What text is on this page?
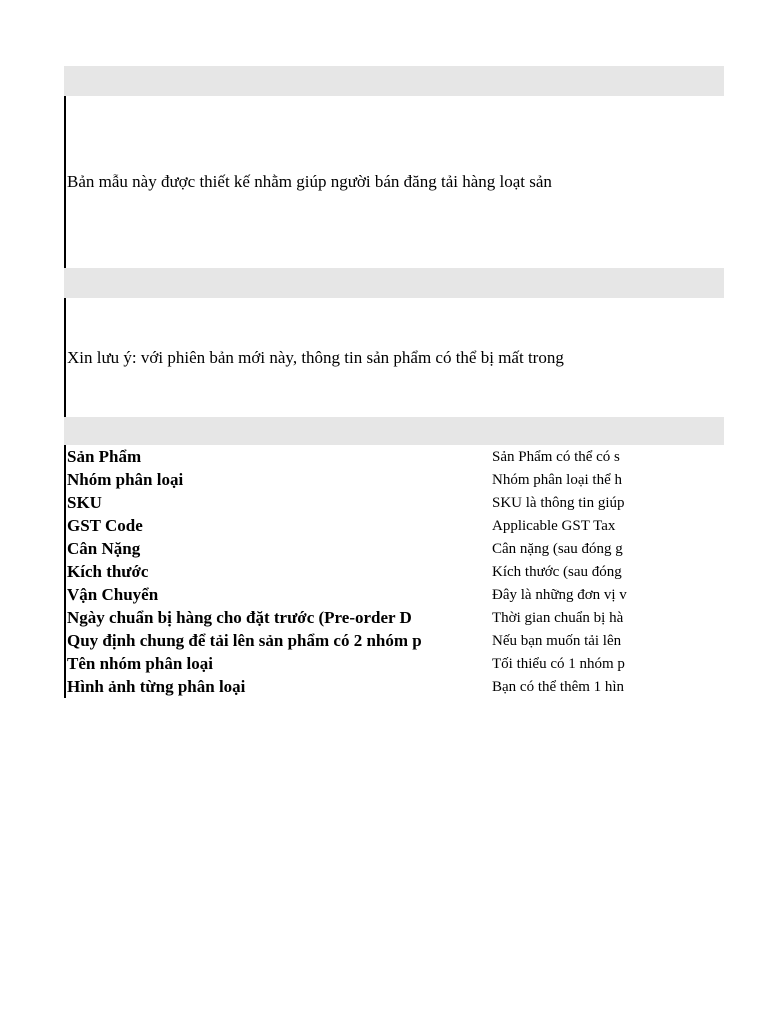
Bản mẫu này được thiết kế nhằm giúp người bán đăng tải hàng loạt sản
Xin lưu ý: với phiên bản mới này, thông tin sản phẩm có thể bị mất trong
Sản Phẩm	Sản Phẩm có thể có s
Nhóm phân loại	Nhóm phân loại thể h
SKU	SKU là thông tin giúp
GST Code	Applicable GST Tax
Cân Nặng	Cân nặng (sau đóng g
Kích thước	Kích thước (sau đóng
Vận Chuyển	Đây là những đơn vị v
Ngày chuẩn bị hàng cho đặt trước (Pre-order D	Thời gian chuẩn bị hà
Quy định chung để tải lên sản phẩm có 2 nhóm p	Nếu bạn muốn tải lên
Tên nhóm phân loại	Tối thiểu có 1 nhóm p
Hình ảnh từng phân loại	Bạn có thể thêm 1 hìn
